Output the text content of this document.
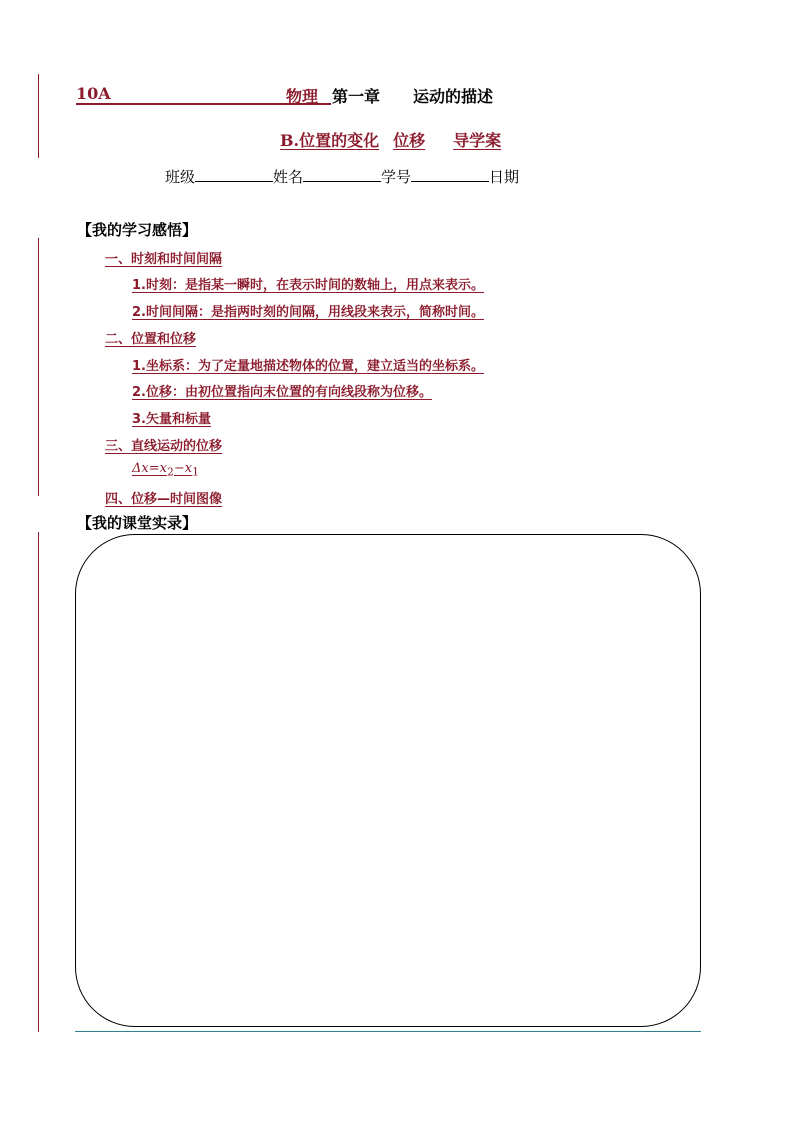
10A	物理 第一章 运动的描述
B.位置的变化 位移 导学案
班级	姓名	学号	日期
【我的学习感悟】
一、时刻和时间间隔
1.时刻：是指某一瞬时，在表示时间的数轴上，用点来表示。
2.时间间隔：是指两时刻的间隔，用线段来表示，简称时间。
二、位置和位移
1.坐标系：为了定量地描述物体的位置，建立适当的坐标系。
2.位移：由初位置指向末位置的有向线段称为位移。
3.矢量和标量
三、直线运动的位移
$\Delta x=x_2-x_1$
四、位移—时间图像
【我的课堂实录】
